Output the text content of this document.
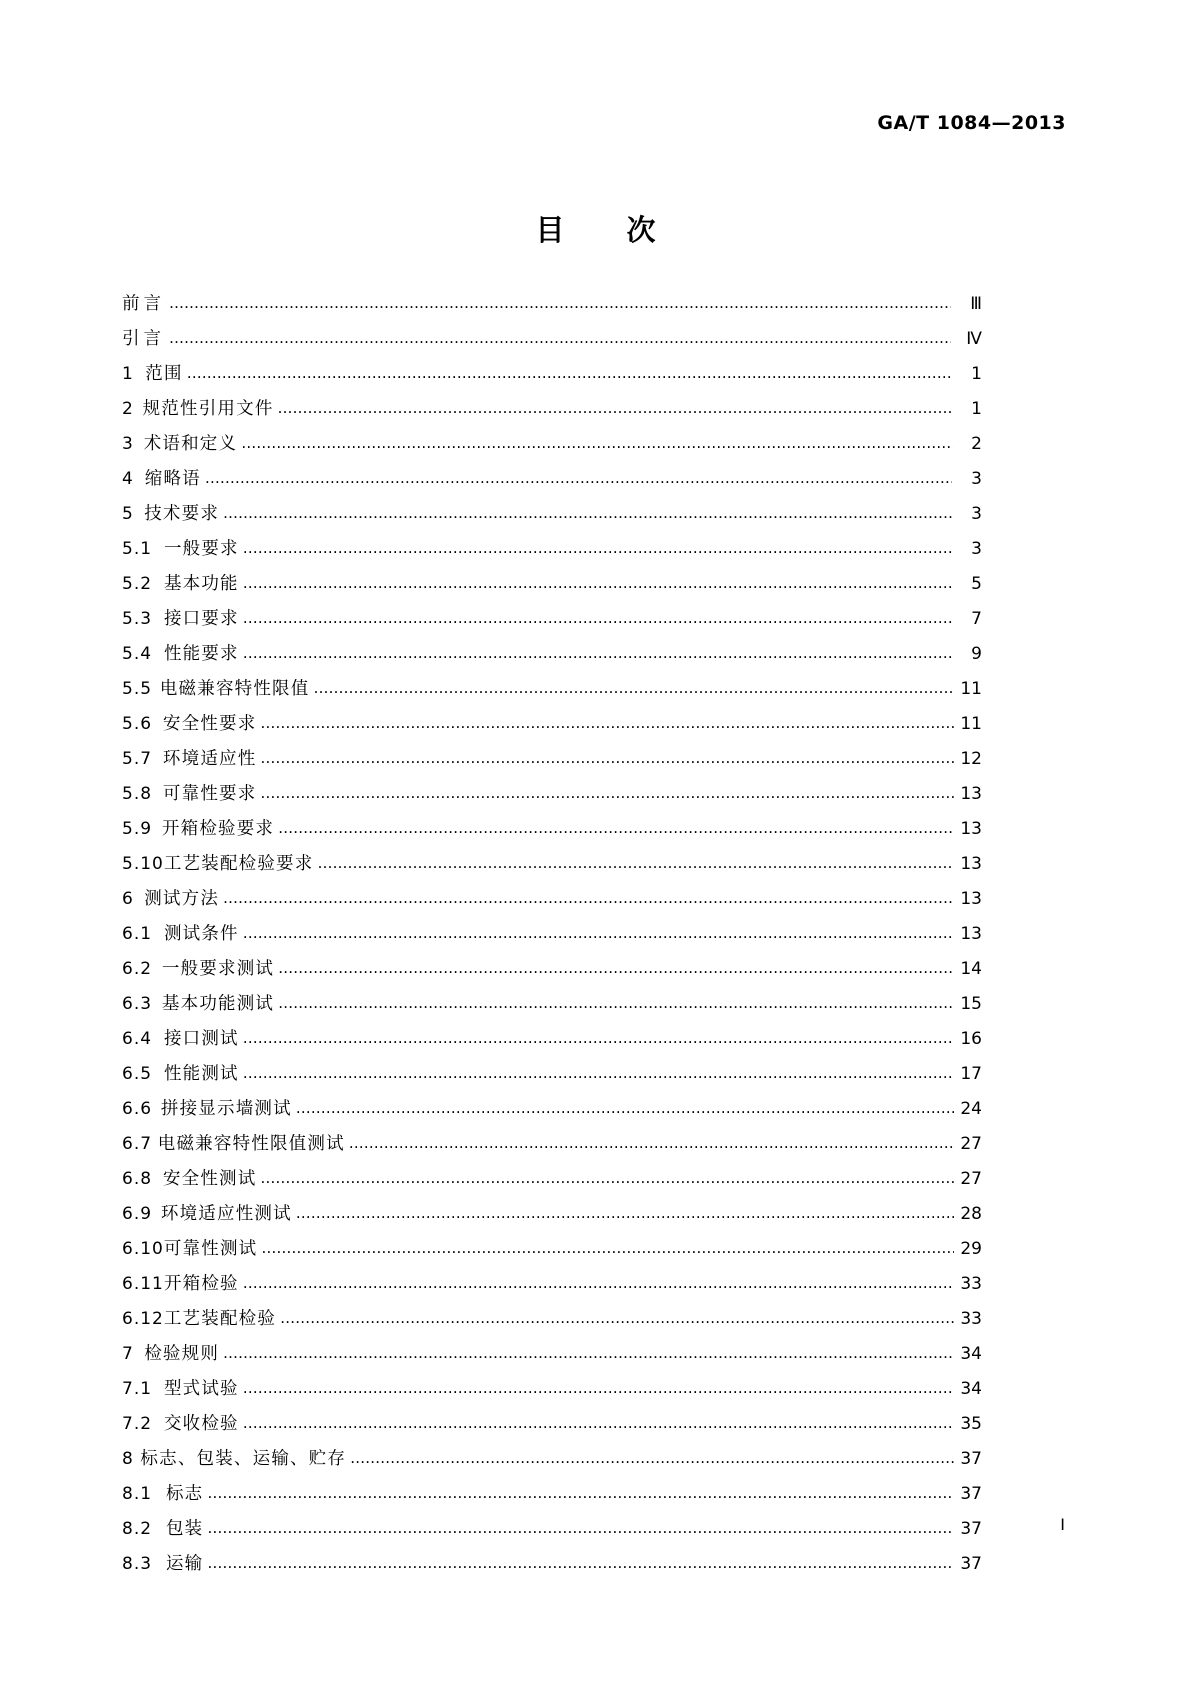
GA/T 1084—2013
目 次
前言 …………………………………………………………………………………………………………………………………………………………………………………………	Ⅲ
引言 …………………………………………………………………………………………………………………………………………………………………………………………	Ⅳ
1 范围 …………………………………………………………………………………………………………………………………………………………………………………………	1
2 规范性引用文件 …………………………………………………………………………………………………………………………………………………………………………………………	1
3 术语和定义 …………………………………………………………………………………………………………………………………………………………………………………………	2
4 缩略语 …………………………………………………………………………………………………………………………………………………………………………………………	3
5 技术要求 …………………………………………………………………………………………………………………………………………………………………………………………	3
5.1 一般要求 …………………………………………………………………………………………………………………………………………………………………………………………	3
5.2 基本功能 …………………………………………………………………………………………………………………………………………………………………………………………	5
5.3 接口要求 …………………………………………………………………………………………………………………………………………………………………………………………	7
5.4 性能要求 …………………………………………………………………………………………………………………………………………………………………………………………	9
5.5 电磁兼容特性限值 …………………………………………………………………………………………………………………………………………………………………………………………	11
5.6 安全性要求 …………………………………………………………………………………………………………………………………………………………………………………………	11
5.7 环境适应性 …………………………………………………………………………………………………………………………………………………………………………………………	12
5.8 可靠性要求 …………………………………………………………………………………………………………………………………………………………………………………………	13
5.9 开箱检验要求 …………………………………………………………………………………………………………………………………………………………………………………………	13
5.10 工艺装配检验要求 …………………………………………………………………………………………………………………………………………………………………………………………	13
6 测试方法 …………………………………………………………………………………………………………………………………………………………………………………………	13
6.1 测试条件 …………………………………………………………………………………………………………………………………………………………………………………………	13
6.2 一般要求测试 …………………………………………………………………………………………………………………………………………………………………………………………	14
6.3 基本功能测试 …………………………………………………………………………………………………………………………………………………………………………………………	15
6.4 接口测试 …………………………………………………………………………………………………………………………………………………………………………………………	16
6.5 性能测试 …………………………………………………………………………………………………………………………………………………………………………………………	17
6.6 拼接显示墙测试 …………………………………………………………………………………………………………………………………………………………………………………………	24
6.7 电磁兼容特性限值测试 …………………………………………………………………………………………………………………………………………………………………………………………	27
6.8 安全性测试 …………………………………………………………………………………………………………………………………………………………………………………………	27
6.9 环境适应性测试 …………………………………………………………………………………………………………………………………………………………………………………………	28
6.10 可靠性测试 …………………………………………………………………………………………………………………………………………………………………………………………	29
6.11 开箱检验 …………………………………………………………………………………………………………………………………………………………………………………………	33
6.12 工艺装配检验 …………………………………………………………………………………………………………………………………………………………………………………………	33
7 检验规则 …………………………………………………………………………………………………………………………………………………………………………………………	34
7.1 型式试验 …………………………………………………………………………………………………………………………………………………………………………………………	34
7.2 交收检验 …………………………………………………………………………………………………………………………………………………………………………………………	35
8 标志、包装、运输、贮存 …………………………………………………………………………………………………………………………………………………………………………………………	37
8.1 标志 …………………………………………………………………………………………………………………………………………………………………………………………	37
8.2 包装 …………………………………………………………………………………………………………………………………………………………………………………………	37
8.3 运输 …………………………………………………………………………………………………………………………………………………………………………………………	37
I
